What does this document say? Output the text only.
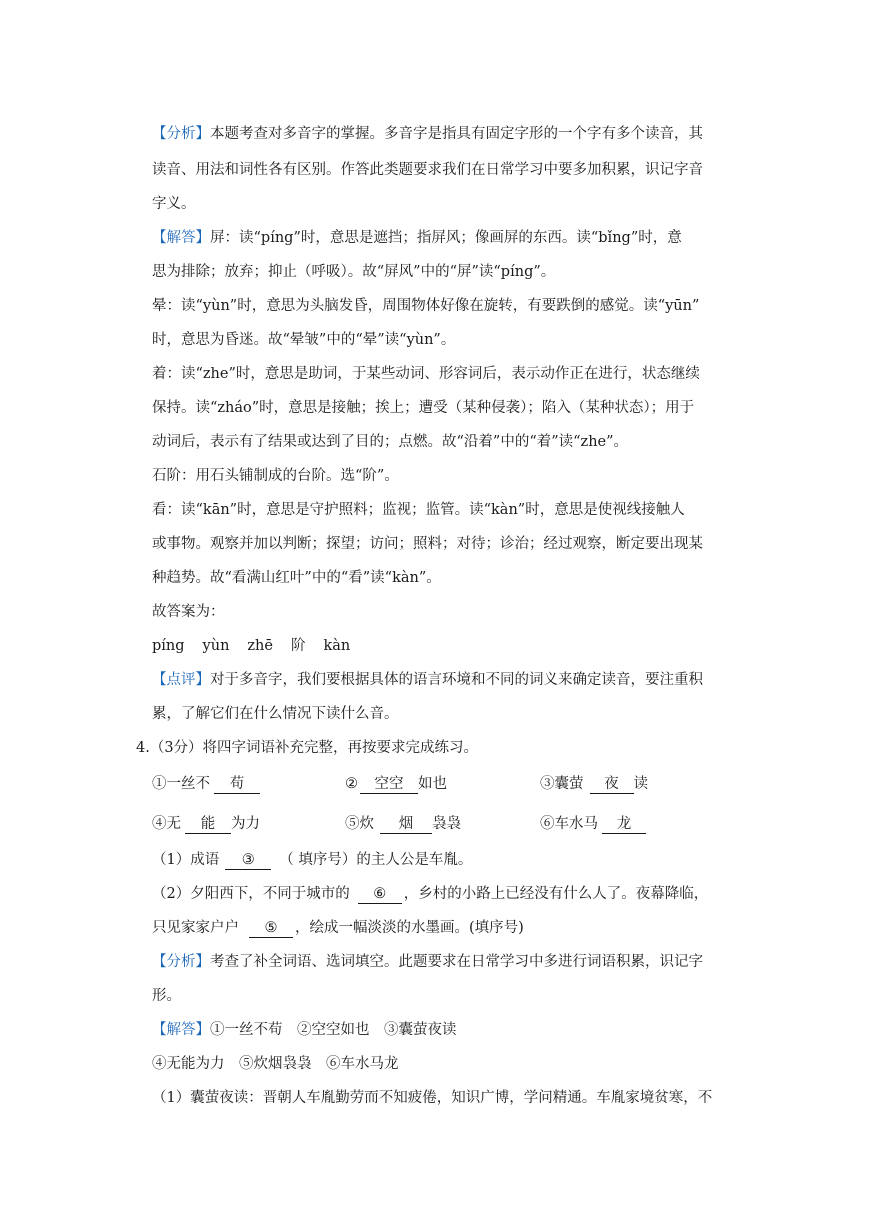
【分析】本题考查对多音字的掌握。多音字是指具有固定字形的一个字有多个读音，其
读音、用法和词性各有区别。作答此类题要求我们在日常学习中要多加积累，识记字音
字义。
【解答】屏：读“píng”时，意思是遮挡；指屏风；像画屏的东西。读“bǐng”时，意
思为排除；放弃；抑止（呼吸）。故“屏风”中的“屏”读“píng”。
晕：读“yùn”时，意思为头脑发昏，周围物体好像在旋转，有要跌倒的感觉。读“yūn”
时，意思为昏迷。故“晕皱”中的“晕”读“yùn”。
着：读“zhe”时，意思是助词，于某些动词、形容词后，表示动作正在进行，状态继续
保持。读“zháo”时，意思是接触；挨上；遭受（某种侵袭）；陷入（某种状态）；用于
动词后，表示有了结果或达到了目的；点燃。故“沿着”中的“着”读“zhe”。
石阶：用石头铺制成的台阶。选“阶”。
看：读“kān”时，意思是守护照料；监视；监管。读“kàn”时，意思是使视线接触人
或事物。观察并加以判断；探望；访问；照料；对待；诊治；经过观察，断定要出现某
种趋势。故“看满山红叶”中的“看”读“kàn”。
故答案为：
píng yùn zhē 阶 kàn
【点评】对于多音字，我们要根据具体的语言环境和不同的词义来确定读音，要注重积
累，了解它们在什么情况下读什么音。
4.（3分）将四字词语补充完整，再按要求完成练习。
①一丝不 苟	② 空空 如也	③囊萤 夜 读
④无 能 为力	⑤炊 烟 袅袅	⑥车水马 龙
（1）成语 ③ （ 填序号）的主人公是车胤。
（2）夕阳西下，不同于城市的 ⑥ ，乡村的小路上已经没有什么人了。夜幕降临，
只见家家户户 ⑤ ，绘成一幅淡淡的水墨画。(填序号)
【分析】考查了补全词语、选词填空。此题要求在日常学习中多进行词语积累，识记字
形。
【解答】①一丝不苟　②空空如也　③囊萤夜读
④无能为力　⑤炊烟袅袅　⑥车水马龙
（1）囊萤夜读：晋朝人车胤勤劳而不知疲倦，知识广博，学问精通。车胤家境贫寒，不
